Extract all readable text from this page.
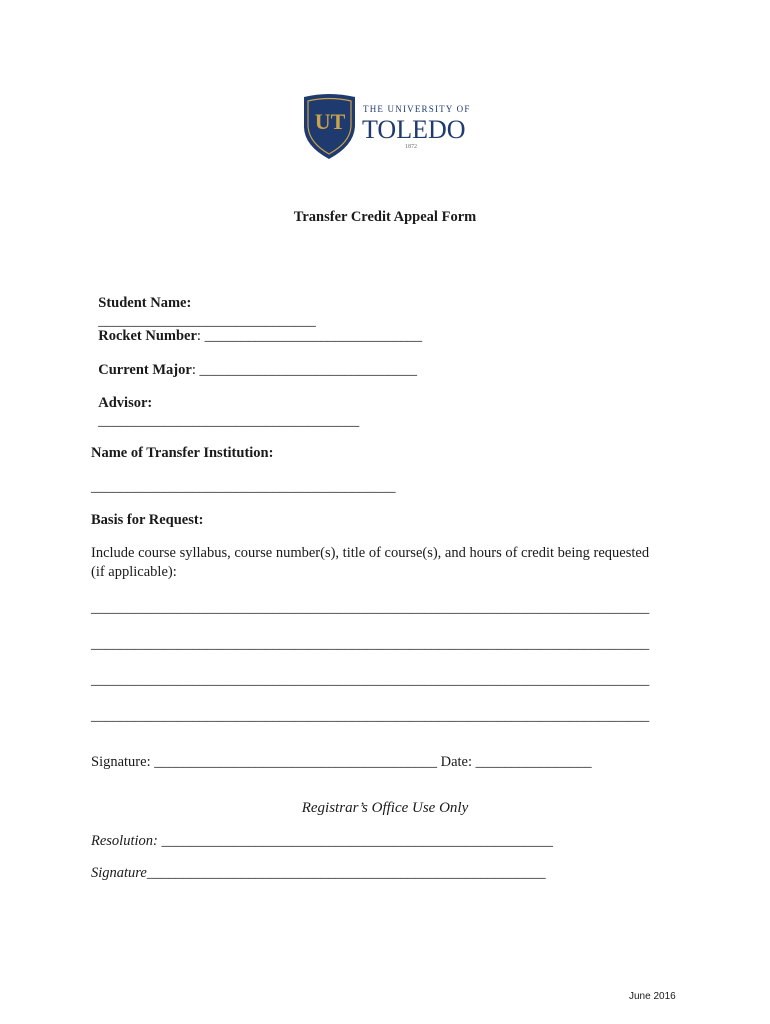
UT THE UNIVERSITY OF
TOLEDO
1872
Transfer Credit Appeal Form

Student Name:
______________________________

Rocket Number: ______________________________

Current Major: ______________________________

Advisor:
____________________________________

Name of Transfer Institution:
__________________________________________
Basis for Request:
Include course syllabus, course number(s), title of course(s), and hours of credit being requested
(if applicable):
_____________________________________________________________________________
_____________________________________________________________________________
_____________________________________________________________________________
_____________________________________________________________________________
Signature: _______________________________________ Date: ________________
Registrar’s Office Use Only
Resolution: ______________________________________________________
Signature_______________________________________________________
June 2016
